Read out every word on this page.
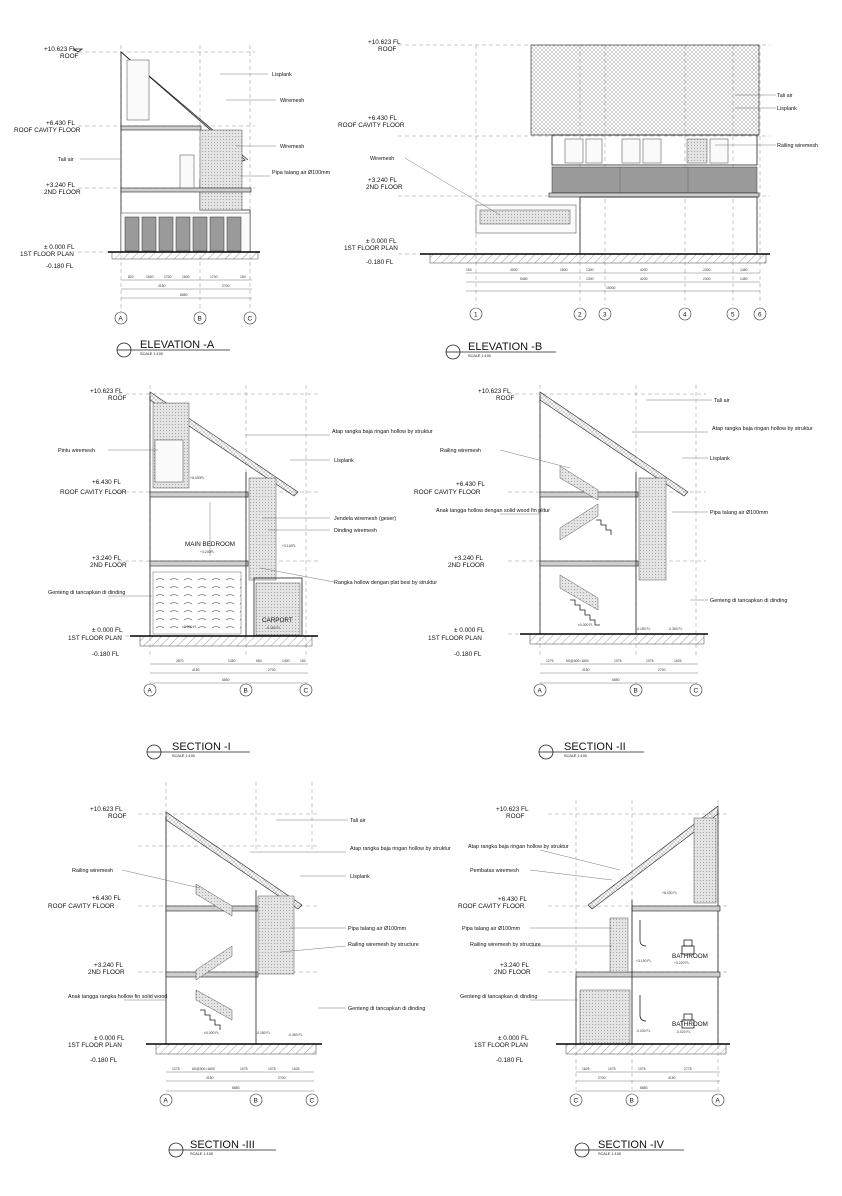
+10.623 FL
ROOF
+6.430 FL
ROOF CAVITY FLOOR
+3.240 FL
2ND FLOOR
± 0.000 FL
1ST FLOOR PLAN
-0.180 FL
Lisplank
Wiremesh
Wiremesh
Tali air
Pipa talang air Ø100mm
820	1600	1700	1600	1700	150
4150	2700
6850
A	B	C
ELEVATION -A
SCALE 1:100
+10.623 FL
ROOF
+6.430 FL
ROOF CAVITY FLOOR
+3.240 FL
2ND FLOOR
± 0.000 FL
1ST FLOOR PLAN
-0.180 FL
Tali air
Lisplank
Railing wiremesh
Wiremesh
150	4000	1800	1300	4200	2400	1450
5450	1300	4200	2400	1450
15000
1	2	3	4	5	6
ELEVATION -B
SCALE 1:100
+10.623 FL
ROOF
+6.430 FL
ROOF CAVITY FLOOR
+3.240 FL
2ND FLOOR
± 0.000 FL
1ST FLOOR PLAN
-0.180 FL
MAIN BEDROOM
+3.240FL
CARPORT
-0.180 FL
±0.000 FL
+6.430FL
+3.110FL
Pintu wiremesh
Atap rangka baja ringan hollow by struktur
Lisplank
Jendela wiremesh (geser)
Dinding wiremesh
Rangka hollow dengan plat besi by struktur
Genteng di tancapkan di dinding
2870	1350	650	1400	150
4150	2700
6850
A	B	C
SECTION -I
SCALE 1:100
+10.623 FL
ROOF
+6.430 FL
ROOF CAVITY FLOOR
+3.240 FL
2ND FLOOR
± 0.000 FL
1ST FLOOR PLAN
-0.180 FL
±0.000 FL
-0.180 FL	-0.360 FL
Tali air
Atap rangka baja ringan hollow by struktur
Railing wiremesh
Lisplank
Anak tangga hollow dengan solid wood fin plitur	Pipa talang air Ø100mm
Genteng di tancapkan di dinding
1275	6S@300=1800	1075	1075	1625
4150	2700
6850
A	B	C
SECTION -II
SCALE 1:100
+10.623 FL
ROOF
+6.430 FL
ROOF CAVITY FLOOR
+3.240 FL
2ND FLOOR
± 0.000 FL
1ST FLOOR PLAN
-0.180 FL
±0.000 FL	-0.180 FL	-0.360 FL
Tali air
Atap rangka baja ringan hollow by struktur
Railing wiremesh
Lisplank
Pipa talang air Ø100mm
Railing wiremesh by structure
Anak tangga rangka hollow fin solid wood
Genteng di tancapkan di dinding
1275	6S@300=1800	1075	1075	1625
4150	2700
6850
A	B	C
SECTION -III
SCALE 1:100
+10.623 FL
ROOF
+6.430 FL
ROOF CAVITY FLOOR
+3.240 FL
2ND FLOOR
± 0.000 FL
1ST FLOOR PLAN
-0.180 FL
BATHROOM
+3.220 FL
BATHROOM
-0.020 FL
+6.430 FL
+3.190 FL
-0.030 FL
Atap rangka baja ringan hollow by struktur
Pembatas wiremesh
Pipa talang air Ø100mm
Railing wiremesh by structure
Genteng di tancapkan di dinding
1625	1075	1075	2775
2700	4150
6850
C	B	A
SECTION -IV
SCALE 1:100
